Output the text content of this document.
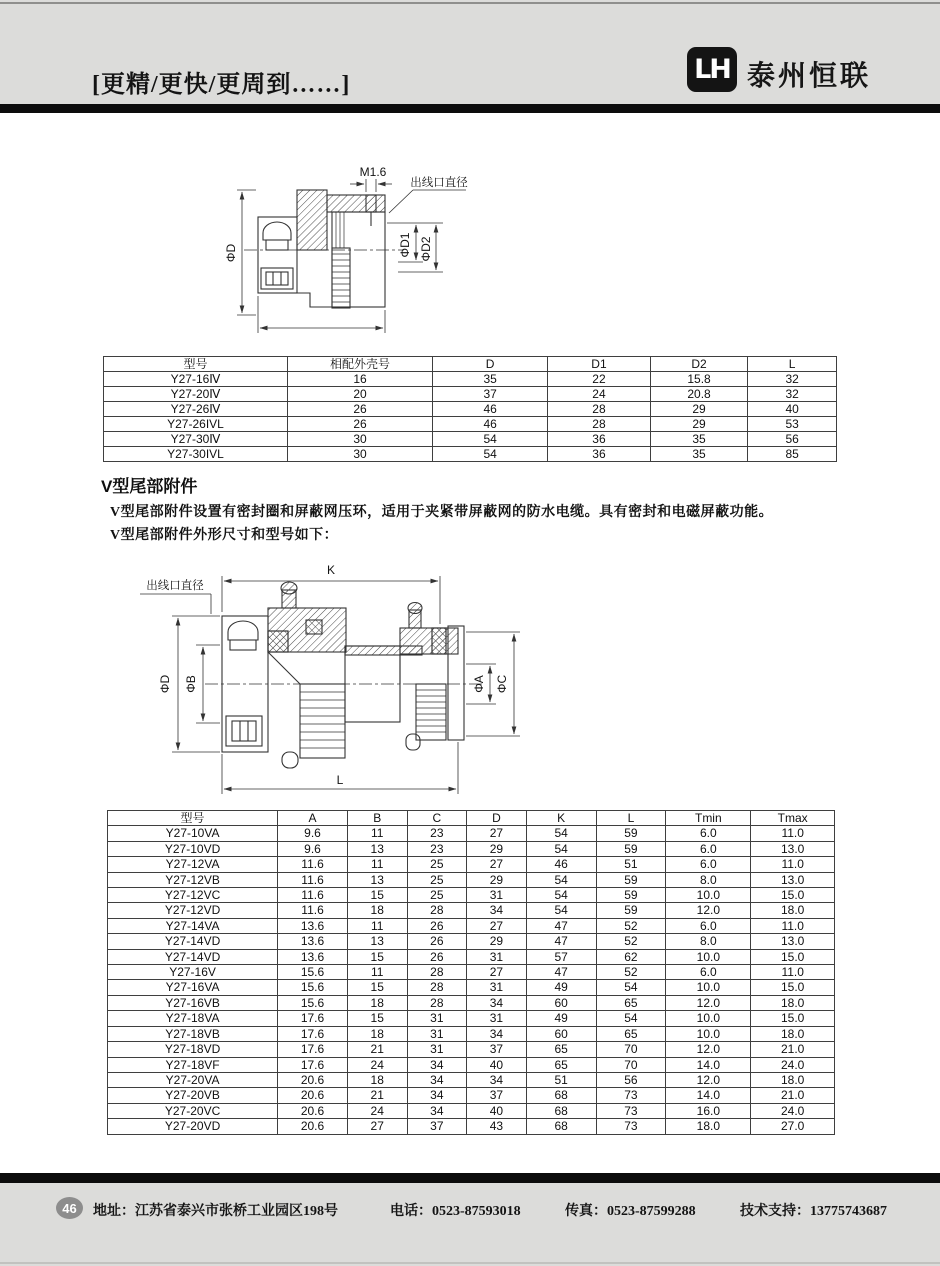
[更精/更快/更周到……]	LH 泰州恒联
M1.6
出线口直径
ΦD	ΦD1 ΦD2
型号	相配外壳号	D	D1	D2	L
Y27-16Ⅳ	16	35	22	15.8	32
Y27-20Ⅳ	20	37	24	20.8	32
Y27-26Ⅳ	26	46	28	29	40
Y27-26IVL	26	46	28	29	53
Y27-30Ⅳ	30	54	36	35	56
Y27-30IVL	30	54	36	35	85
V型尾部附件
V型尾部附件设置有密封圈和屏蔽网压环，适用于夹紧带屏蔽网的防水电缆。具有密封和电磁屏蔽功能。
V型尾部附件外形尺寸和型号如下：
出线口直径
K
L
ΦD ΦB	ΦA ΦC
型号	A	B	C	D	K	L	Tmin	Tmax
Y27-10VA	9.6	11	23	27	54	59	6.0	11.0
Y27-10VD	9.6	13	23	29	54	59	6.0	13.0
Y27-12VA	11.6	11	25	27	46	51	6.0	11.0
Y27-12VB	11.6	13	25	29	54	59	8.0	13.0
Y27-12VC	11.6	15	25	31	54	59	10.0	15.0
Y27-12VD	11.6	18	28	34	54	59	12.0	18.0
Y27-14VA	13.6	11	26	27	47	52	6.0	11.0
Y27-14VD	13.6	13	26	29	47	52	8.0	13.0
Y27-14VD	13.6	15	26	31	57	62	10.0	15.0
Y27-16V	15.6	11	28	27	47	52	6.0	11.0
Y27-16VA	15.6	15	28	31	49	54	10.0	15.0
Y27-16VB	15.6	18	28	34	60	65	12.0	18.0
Y27-18VA	17.6	15	31	31	49	54	10.0	15.0
Y27-18VB	17.6	18	31	34	60	65	10.0	18.0
Y27-18VD	17.6	21	31	37	65	70	12.0	21.0
Y27-18VF	17.6	24	34	40	65	70	14.0	24.0
Y27-20VA	20.6	18	34	34	51	56	12.0	18.0
Y27-20VB	20.6	21	34	37	68	73	14.0	21.0
Y27-20VC	20.6	24	34	40	68	73	16.0	24.0
Y27-20VD	20.6	27	37	43	68	73	18.0	27.0
46 地址：江苏省泰兴市张桥工业园区198号	电话：0523-87593018	传真：0523-87599288	技术支持：13775743687
